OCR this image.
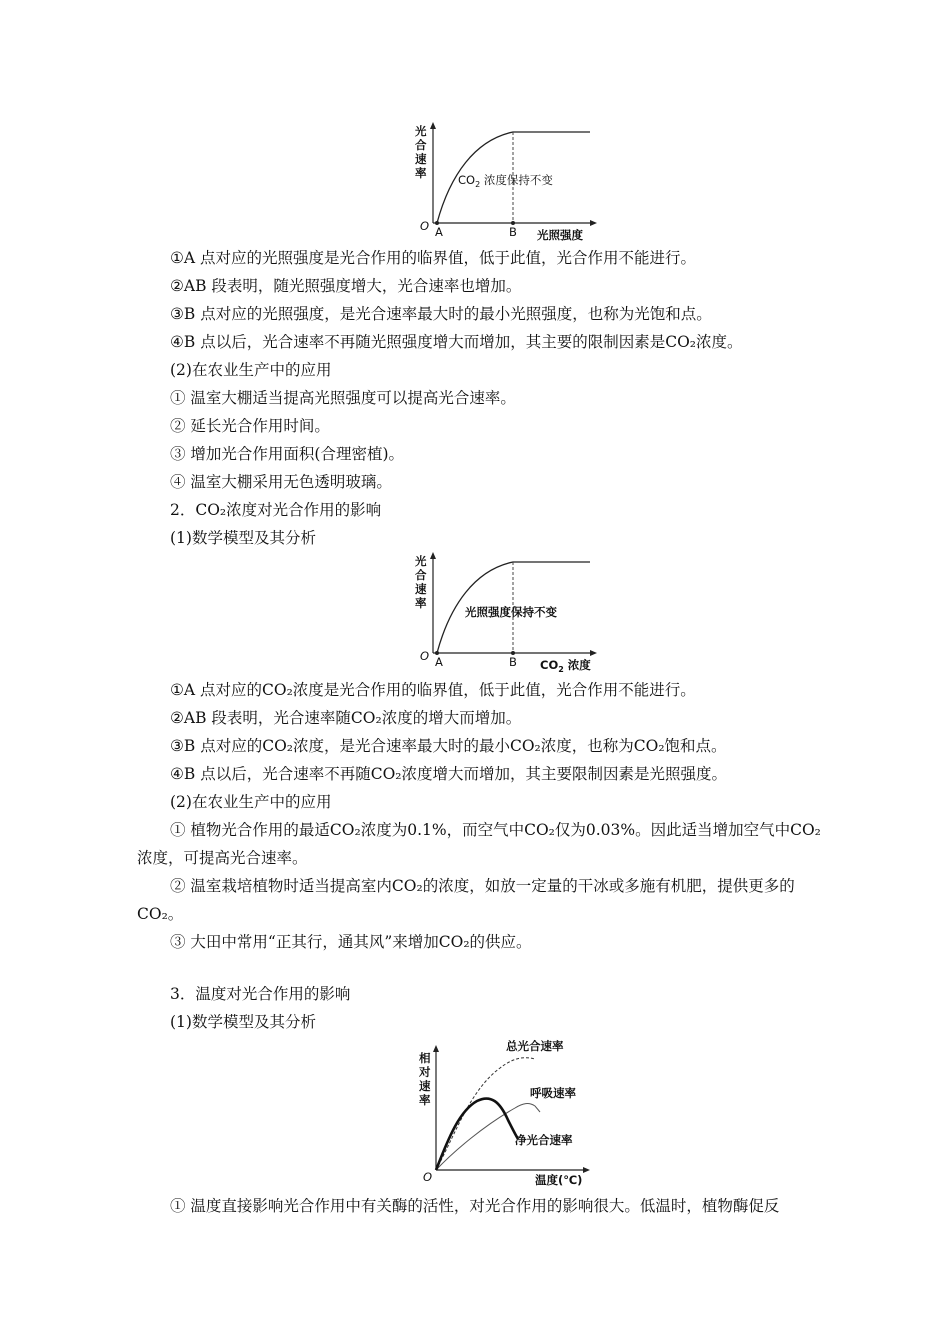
光
合
速
率
O A	B 光照强度
$CO_2$ 浓度保持不变
①A 点对应的光照强度是光合作用的临界值，低于此值，光合作用不能进行。
②AB 段表明，随光照强度增大，光合速率也增加。
③B 点对应的光照强度，是光合速率最大时的最小光照强度，也称为光饱和点。
④B 点以后，光合速率不再随光照强度增大而增加，其主要的限制因素是CO₂浓度。
(2)在农业生产中的应用
① 温室大棚适当提高光照强度可以提高光合速率。
② 延长光合作用时间。
③ 增加光合作用面积(合理密植)。
④ 温室大棚采用无色透明玻璃。
2．CO₂浓度对光合作用的影响
(1)数学模型及其分析
光
合
速
率
O A	B $CO_2$ 浓度
光照强度保持不变
①A 点对应的CO₂浓度是光合作用的临界值，低于此值，光合作用不能进行。
②AB 段表明，光合速率随CO₂浓度的增大而增加。
③B 点对应的CO₂浓度，是光合速率最大时的最小CO₂浓度，也称为CO₂饱和点。
④B 点以后，光合速率不再随CO₂浓度增大而增加，其主要限制因素是光照强度。
(2)在农业生产中的应用
① 植物光合作用的最适CO₂浓度为0.1%，而空气中CO₂仅为0.03%。因此适当增加空气中CO₂
浓度，可提高光合速率。
② 温室栽培植物时适当提高室内CO₂的浓度，如放一定量的干冰或多施有机肥，提供更多的
CO₂。
③ 大田中常用“正其行，通其风”来增加CO₂的供应。
3．温度对光合作用的影响
(1)数学模型及其分析
相
对
速
率
O	温度(℃)
总光合速率
呼吸速率
净光合速率
① 温度直接影响光合作用中有关酶的活性，对光合作用的影响很大。低温时，植物酶促反
